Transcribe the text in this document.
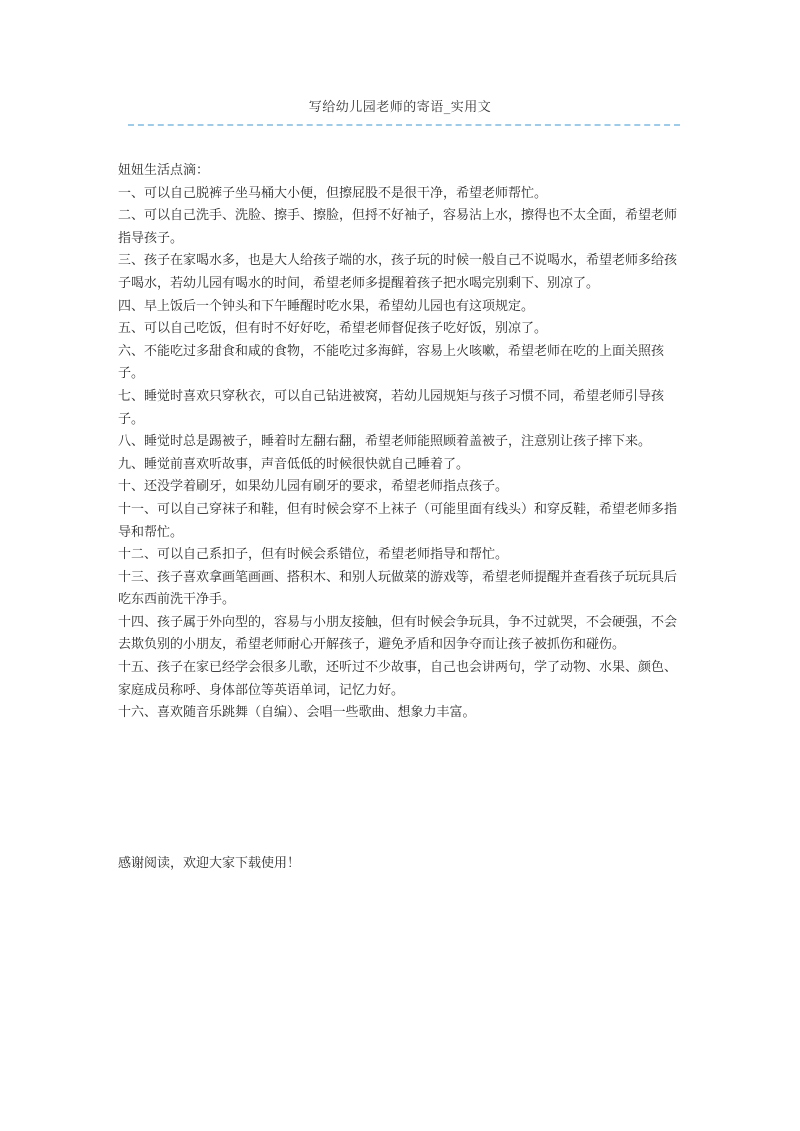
写给幼儿园老师的寄语_实用文

妞妞生活点滴：

一、可以自己脱裤子坐马桶大小便，但擦屁股不是很干净，希望老师帮忙。

二、可以自己洗手、洗脸、擦手、擦脸，但捋不好袖子，容易沾上水，擦得也不太全面，希望老师指导孩子。

三、孩子在家喝水多，也是大人给孩子端的水，孩子玩的时候一般自己不说喝水，希望老师多给孩子喝水，若幼儿园有喝水的时间，希望老师多提醒着孩子把水喝完别剩下、别凉了。

四、早上饭后一个钟头和下午睡醒时吃水果，希望幼儿园也有这项规定。

五、可以自己吃饭，但有时不好好吃，希望老师督促孩子吃好饭，别凉了。

六、不能吃过多甜食和咸的食物，不能吃过多海鲜，容易上火咳嗽，希望老师在吃的上面关照孩子。

七、睡觉时喜欢只穿秋衣，可以自己钻进被窝，若幼儿园规矩与孩子习惯不同，希望老师引导孩子。

八、睡觉时总是踢被子，睡着时左翻右翻，希望老师能照顾着盖被子，注意别让孩子摔下来。

九、睡觉前喜欢听故事，声音低低的时候很快就自己睡着了。

十、还没学着刷牙，如果幼儿园有刷牙的要求，希望老师指点孩子。

十一、可以自己穿袜子和鞋，但有时候会穿不上袜子（可能里面有线头）和穿反鞋，希望老师多指导和帮忙。

十二、可以自己系扣子，但有时候会系错位，希望老师指导和帮忙。

十三、孩子喜欢拿画笔画画、搭积木、和别人玩做菜的游戏等，希望老师提醒并查看孩子玩玩具后吃东西前洗干净手。

十四、孩子属于外向型的，容易与小朋友接触，但有时候会争玩具，争不过就哭，不会硬强，不会去欺负别的小朋友，希望老师耐心开解孩子，避免矛盾和因争夺而让孩子被抓伤和碰伤。

十五、孩子在家已经学会很多儿歌，还听过不少故事，自己也会讲两句，学了动物、水果、颜色、家庭成员称呼、身体部位等英语单词，记忆力好。

十六、喜欢随音乐跳舞（自编）、会唱一些歌曲、想象力丰富。

感谢阅读，欢迎大家下载使用！
